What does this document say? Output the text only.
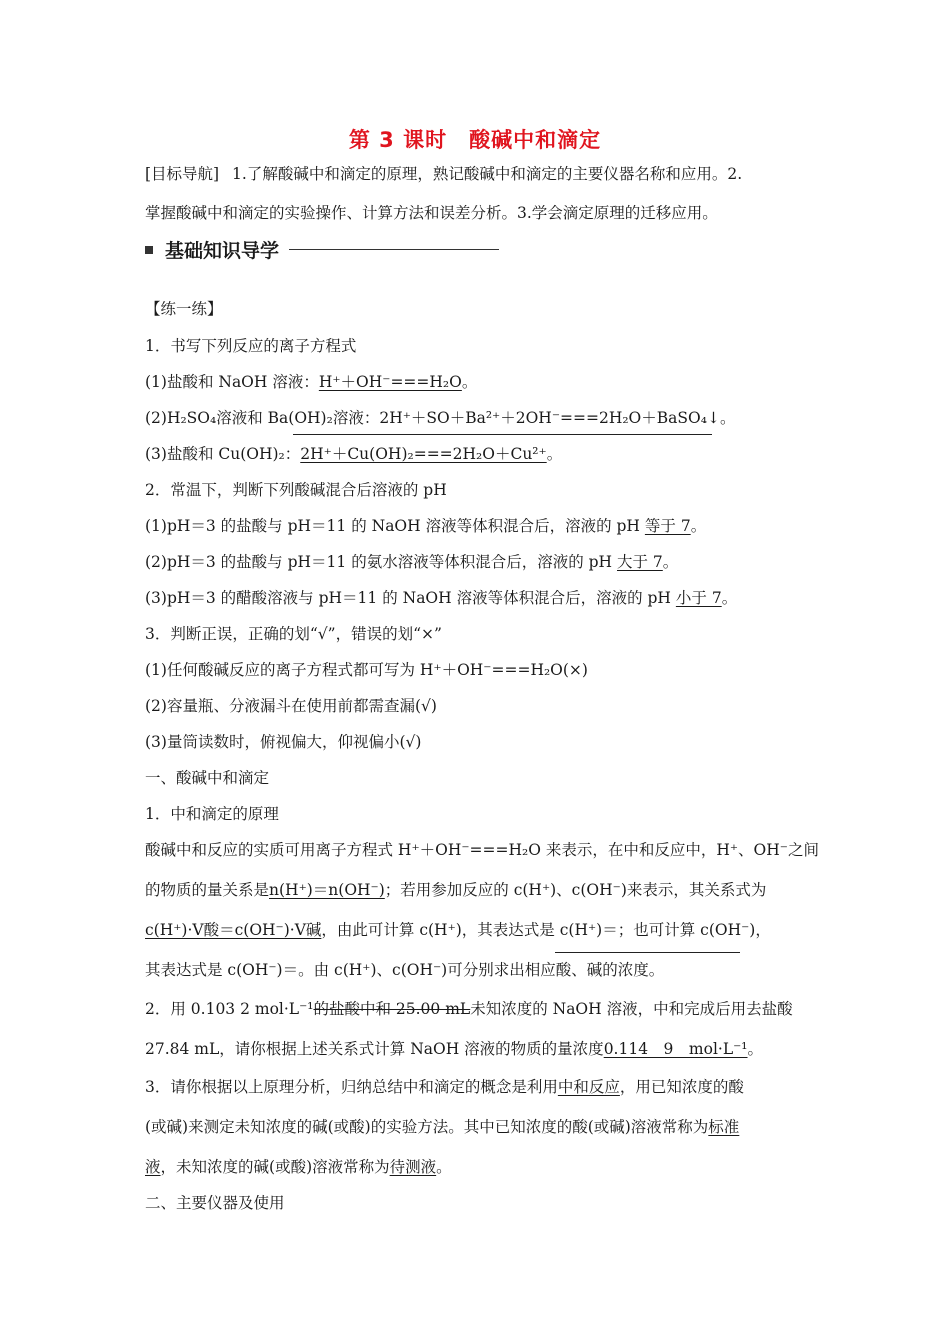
第 3 课时　酸碱中和滴定
[目标导航] 1.了解酸碱中和滴定的原理，熟记酸碱中和滴定的主要仪器名称和应用。2.
掌握酸碱中和滴定的实验操作、计算方法和误差分析。3.学会滴定原理的迁移应用。
基础知识导学
【练一练】
1．书写下列反应的离子方程式
(1)盐酸和 NaOH 溶液：H⁺＋OH⁻===H₂O。
(2)H₂SO₄溶液和 Ba(OH)₂溶液：2H⁺＋SO＋Ba²⁺＋2OH⁻===2H₂O＋BaSO₄↓。
(3)盐酸和 Cu(OH)₂：2H⁺＋Cu(OH)₂===2H₂O＋Cu²⁺。
2．常温下，判断下列酸碱混合后溶液的 pH
(1)pH＝3 的盐酸与 pH＝11 的 NaOH 溶液等体积混合后，溶液的 pH 等于 7。
(2)pH＝3 的盐酸与 pH＝11 的氨水溶液等体积混合后，溶液的 pH 大于 7。
(3)pH＝3 的醋酸溶液与 pH＝11 的 NaOH 溶液等体积混合后，溶液的 pH 小于 7。
3．判断正误，正确的划“√”，错误的划“×”
(1)任何酸碱反应的离子方程式都可写为 H⁺＋OH⁻===H₂O(×)
(2)容量瓶、分液漏斗在使用前都需查漏(√)
(3)量筒读数时，俯视偏大，仰视偏小(√)
一、酸碱中和滴定
1．中和滴定的原理
酸碱中和反应的实质可用离子方程式 H⁺＋OH⁻===H₂O 来表示，在中和反应中，H⁺、OH⁻之间
的物质的量关系是n(H⁺)＝n(OH⁻)；若用参加反应的 c(H⁺)、c(OH⁻)来表示，其关系式为
c(H⁺)·V酸＝c(OH⁻)·V碱，由此可计算 c(H⁺)，其表达式是 c(H⁺)＝；也可计算 c(OH⁻)，
其表达式是 c(OH⁻)＝。由 c(H⁺)、c(OH⁻)可分别求出相应酸、碱的浓度。
2．用 0.103 2 mol·L⁻¹的盐酸中和 25.00 mL未知浓度的 NaOH 溶液，中和完成后用去盐酸
27.84 mL，请你根据上述关系式计算 NaOH 溶液的物质的量浓度0.114　9　mol·L⁻¹。
3．请你根据以上原理分析，归纳总结中和滴定的概念是利用中和反应，用已知浓度的酸
(或碱)来测定未知浓度的碱(或酸)的实验方法。其中已知浓度的酸(或碱)溶液常称为标准
液，未知浓度的碱(或酸)溶液常称为待测液。
二、主要仪器及使用
